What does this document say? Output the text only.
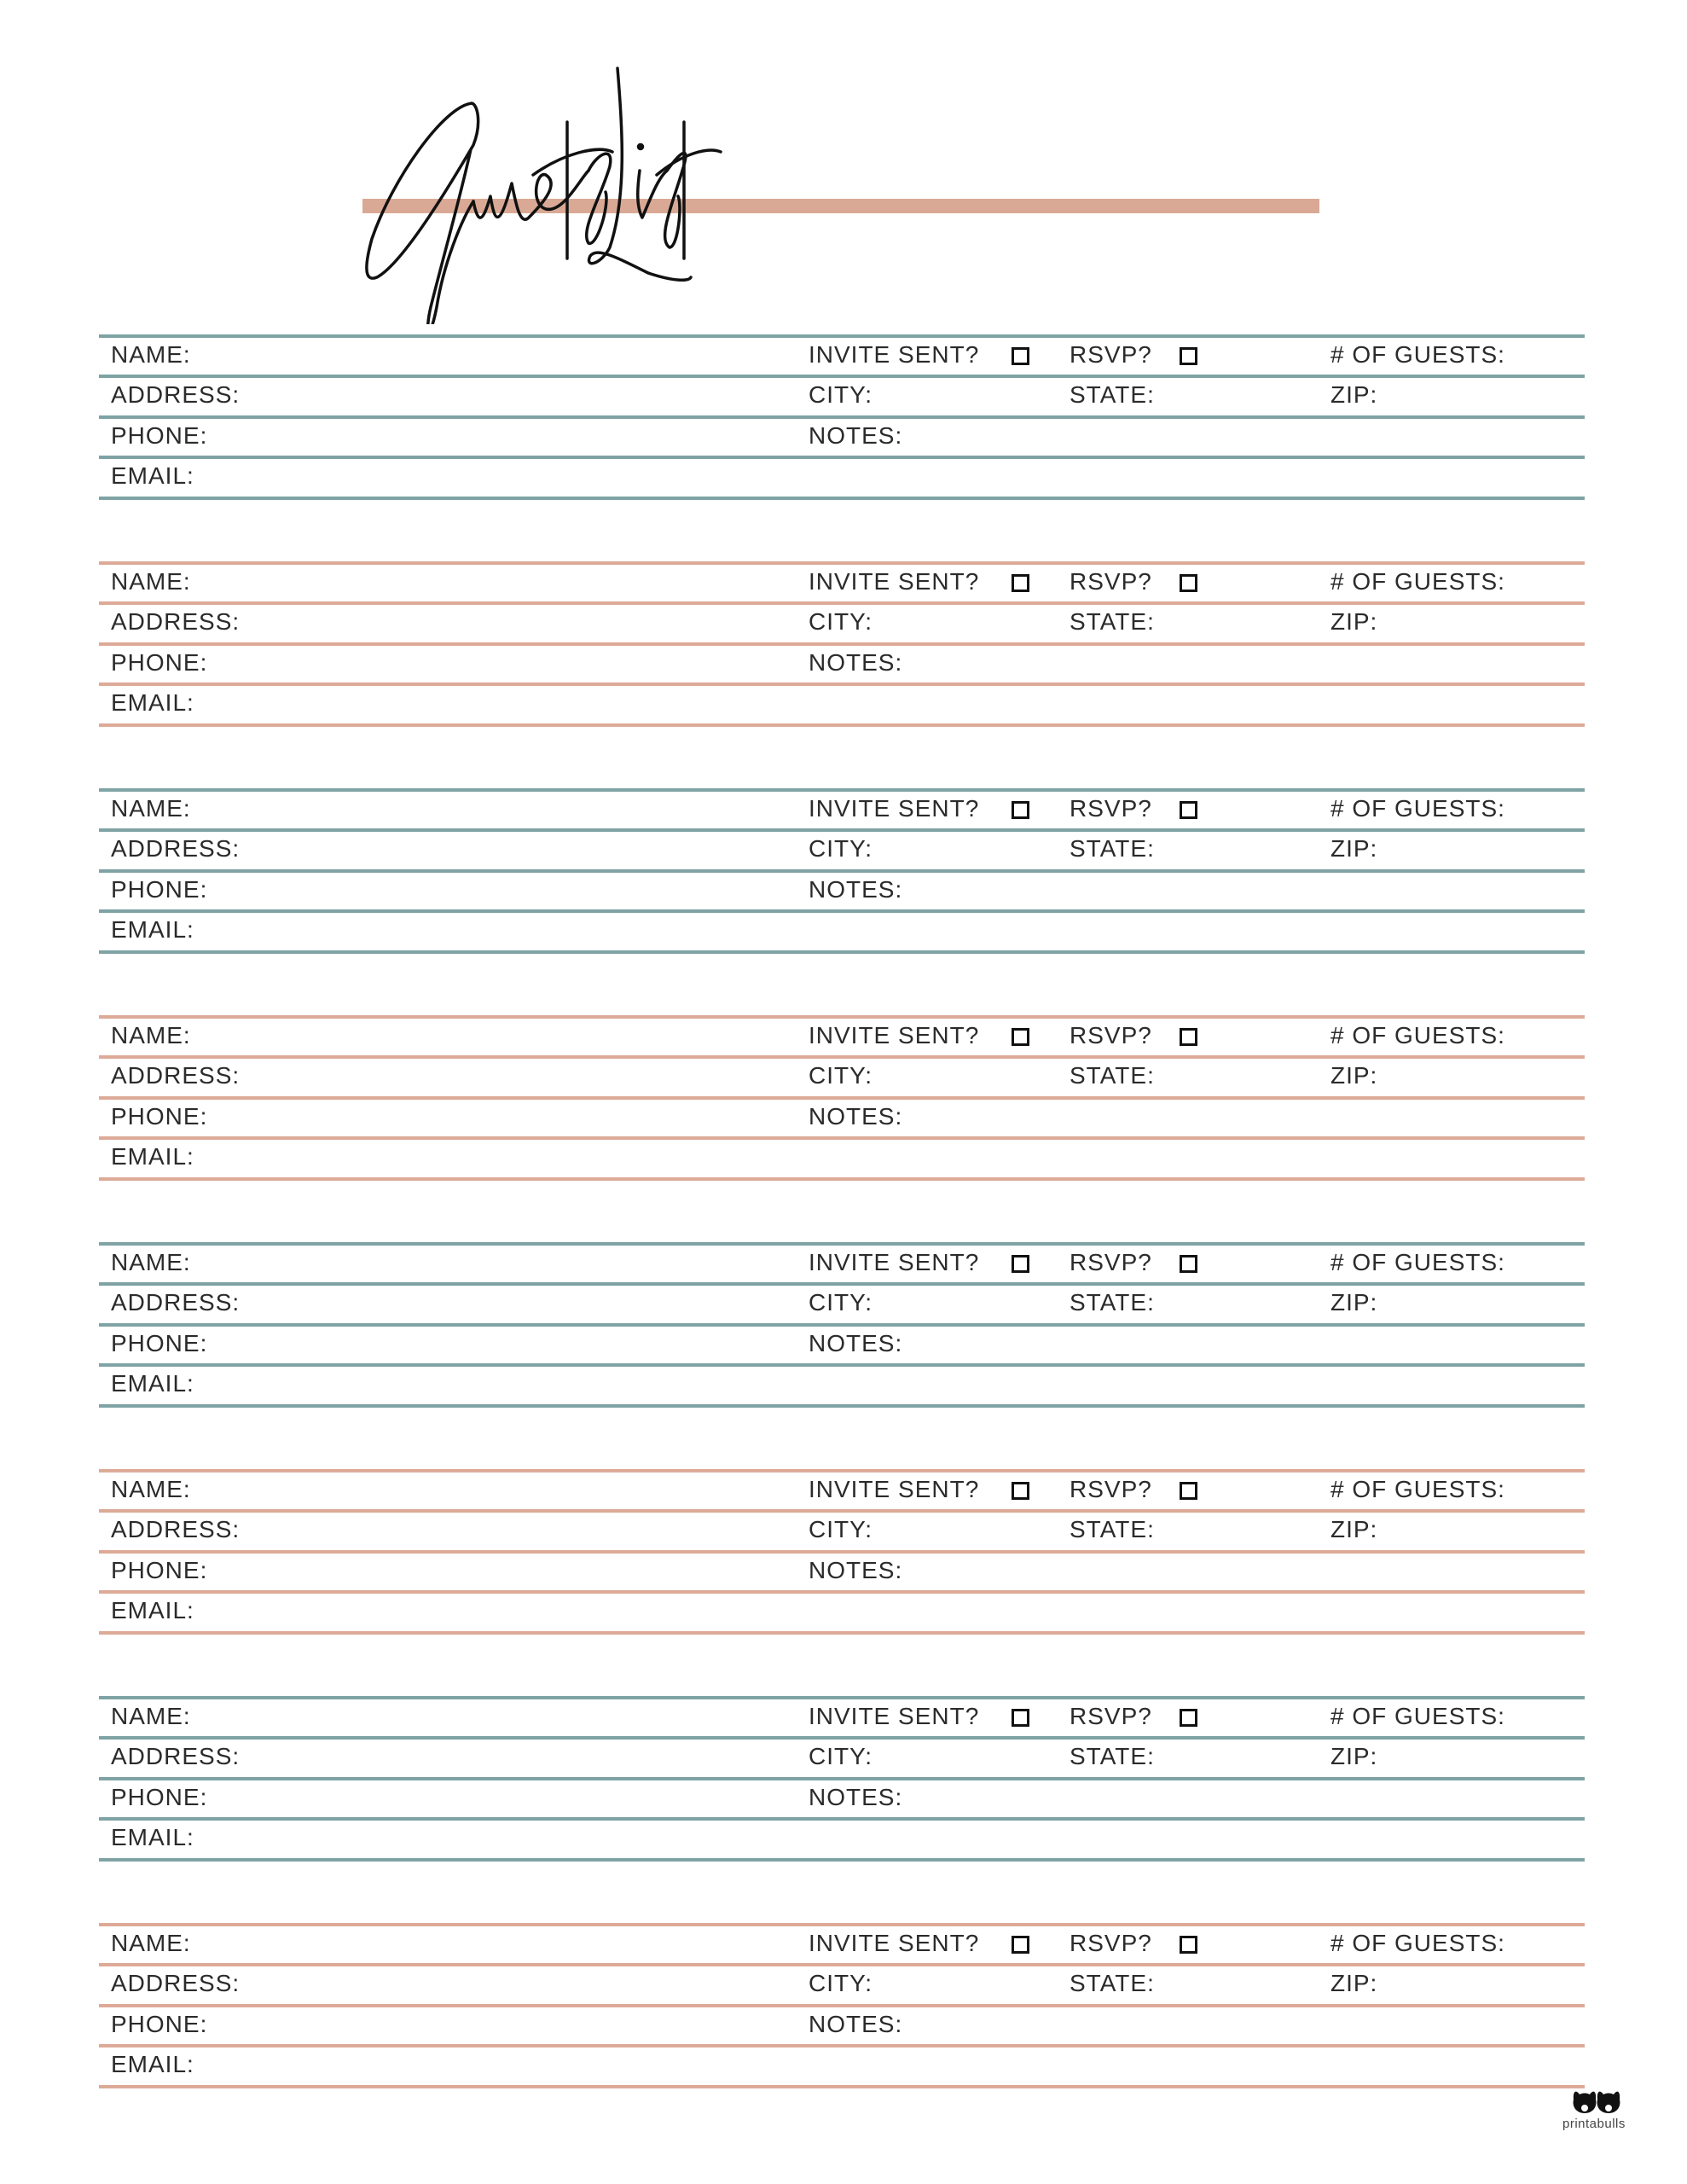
NAME:	INVITE SENT?	RSVP?	# OF GUESTS:
ADDRESS:	CITY:	STATE:	ZIP:
PHONE:	NOTES:
EMAIL:
NAME:	INVITE SENT?	RSVP?	# OF GUESTS:
ADDRESS:	CITY:	STATE:	ZIP:
PHONE:	NOTES:
EMAIL:
NAME:	INVITE SENT?	RSVP?	# OF GUESTS:
ADDRESS:	CITY:	STATE:	ZIP:
PHONE:	NOTES:
EMAIL:
NAME:	INVITE SENT?	RSVP?	# OF GUESTS:
ADDRESS:	CITY:	STATE:	ZIP:
PHONE:	NOTES:
EMAIL:
NAME:	INVITE SENT?	RSVP?	# OF GUESTS:
ADDRESS:	CITY:	STATE:	ZIP:
PHONE:	NOTES:
EMAIL:
NAME:	INVITE SENT?	RSVP?	# OF GUESTS:
ADDRESS:	CITY:	STATE:	ZIP:
PHONE:	NOTES:
EMAIL:
NAME:	INVITE SENT?	RSVP?	# OF GUESTS:
ADDRESS:	CITY:	STATE:	ZIP:
PHONE:	NOTES:
EMAIL:
NAME:	INVITE SENT?	RSVP?	# OF GUESTS:
ADDRESS:	CITY:	STATE:	ZIP:
PHONE:	NOTES:
EMAIL:
printabulls
